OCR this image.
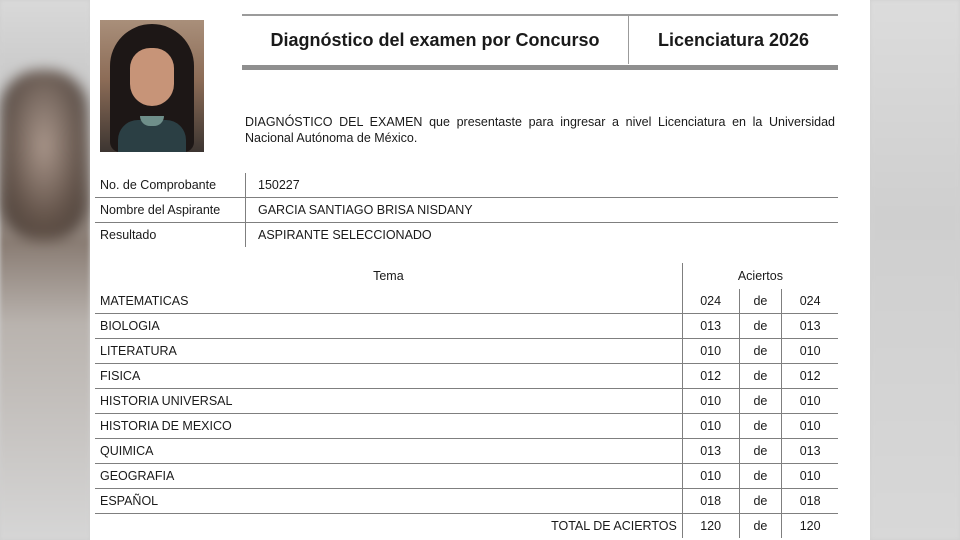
Diagnóstico del examen por Concurso	Licenciatura 2026
DIAGNÓSTICO DEL EXAMEN que presentaste para ingresar a nivel Licenciatura en la Universidad Nacional Autónoma de México.
No. de Comprobante	150227
Nombre del Aspirante	GARCIA SANTIAGO BRISA NISDANY
Resultado	ASPIRANTE SELECCIONADO
Tema	Aciertos		
MATEMATICAS	024	de	024
BIOLOGIA	013	de	013
LITERATURA	010	de	010
FISICA	012	de	012
HISTORIA UNIVERSAL	010	de	010
HISTORIA DE MEXICO	010	de	010
QUIMICA	013	de	013
GEOGRAFIA	010	de	010
ESPAÑOL	018	de	018
TOTAL DE ACIERTOS	120	de	120
